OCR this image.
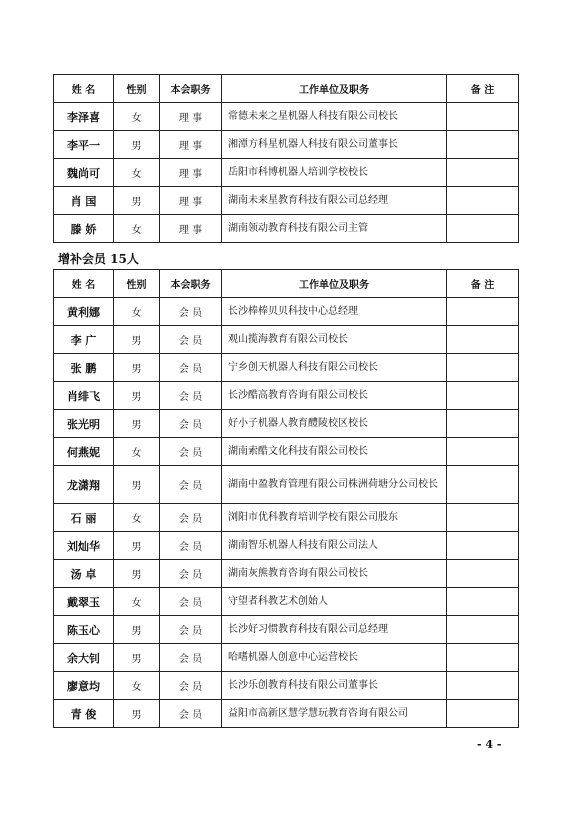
姓 名	性别	本会职务	工作单位及职务	备 注
李泽喜	女	理 事	常德未来之星机器人科技有限公司校长	
李平一	男	理 事	湘潭方科星机器人科技有限公司董事长	
魏尚可	女	理 事	岳阳市科博机器人培训学校校长	
肖 国	男	理 事	湖南未来星教育科技有限公司总经理	
滕 娇	女	理 事	湖南领动教育科技有限公司主管	
增补会员 15人
姓 名	性别	本会职务	工作单位及职务	备 注
黄利娜	女	会 员	长沙棒棒贝贝科技中心总经理	
李 广	男	会 员	观山揽海教育有限公司校长	
张 鹏	男	会 员	宁乡创天机器人科技有限公司校长	
肖绯飞	男	会 员	长沙酷高教育咨询有限公司校长	
张光明	男	会 员	好小子机器人教育醴陵校区校长	
何燕妮	女	会 员	湖南索酷文化科技有限公司校长	
龙潇翔	男	会 员	湖南中盈教育管理有限公司株洲荷塘分公司校长	
石 丽	女	会 员	浏阳市优科教育培训学校有限公司股东	
刘灿华	男	会 员	湖南智乐机器人科技有限公司法人	
汤 卓	男	会 员	湖南灰熊教育咨询有限公司校长	
戴翠玉	女	会 员	守望者科教艺术创始人	
陈玉心	男	会 员	长沙好习惯教育科技有限公司总经理	
余大钊	男	会 员	哈嗜机器人创意中心运营校长	
廖意均	女	会 员	长沙乐创教育科技有限公司董事长	
青 俊	男	会 员	益阳市高新区慧学慧玩教育咨询有限公司	
- 4 -
